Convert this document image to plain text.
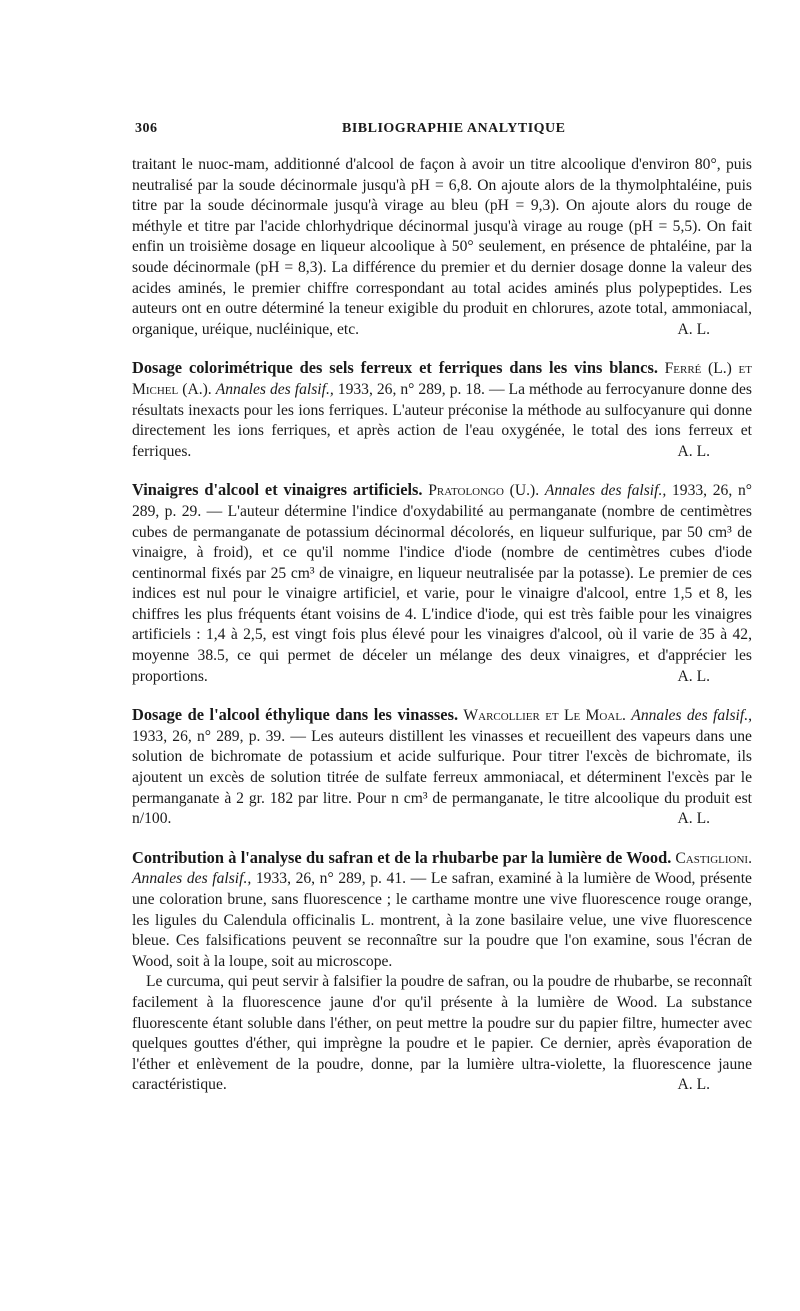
306	BIBLIOGRAPHIE ANALYTIQUE

traitant le nuoc-mam, additionné d'alcool de façon à avoir un titre alcoolique d'environ 80°, puis neutralisé par la soude décinormale jusqu'à pH = 6,8. On ajoute alors de la thymolphtaléine, puis titre par la soude décinormale jusqu'à virage au bleu (pH = 9,3). On ajoute alors du rouge de méthyle et titre par l'acide chlorhydrique décinormal jusqu'à virage au rouge (pH = 5,5). On fait enfin un troisième dosage en liqueur alcoolique à 50° seulement, en présence de phtaléine, par la soude décinormale (pH = 8,3). La différence du premier et du dernier dosage donne la valeur des acides aminés, le premier chiffre correspondant au total acides aminés plus polypeptides. Les auteurs ont en outre déterminé la teneur exigible du produit en chlorures, azote total, ammoniacal, organique, uréique, nucléinique, etc.	A. L.

Dosage colorimétrique des sels ferreux et ferriques dans les vins blancs. Ferré (L.) et Michel (A.). Annales des falsif., 1933, 26, n° 289, p. 18. — La méthode au ferrocyanure donne des résultats inexacts pour les ions ferriques. L'auteur préconise la méthode au sulfocyanure qui donne directement les ions ferriques, et après action de l'eau oxygénée, le total des ions ferreux et ferriques.	A. L.

Vinaigres d'alcool et vinaigres artificiels. Pratolongo (U.). Annales des falsif., 1933, 26, n° 289, p. 29. — L'auteur détermine l'indice d'oxydabilité au permanganate (nombre de centimètres cubes de permanganate de potassium décinormal décolorés, en liqueur sulfurique, par 50 cm³ de vinaigre, à froid), et ce qu'il nomme l'indice d'iode (nombre de centimètres cubes d'iode centinormal fixés par 25 cm³ de vinaigre, en liqueur neutralisée par la potasse). Le premier de ces indices est nul pour le vinaigre artificiel, et varie, pour le vinaigre d'alcool, entre 1,5 et 8, les chiffres les plus fréquents étant voisins de 4. L'indice d'iode, qui est très faible pour les vinaigres artificiels : 1,4 à 2,5, est vingt fois plus élevé pour les vinaigres d'alcool, où il varie de 35 à 42, moyenne 38.5, ce qui permet de déceler un mélange des deux vinaigres, et d'apprécier les proportions.	A. L.

Dosage de l'alcool éthylique dans les vinasses. Warcollier et Le Moal. Annales des falsif., 1933, 26, n° 289, p. 39. — Les auteurs distillent les vinasses et recueillent des vapeurs dans une solution de bichromate de potassium et acide sulfurique. Pour titrer l'excès de bichromate, ils ajoutent un excès de solution titrée de sulfate ferreux ammoniacal, et déterminent l'excès par le permanganate à 2 gr. 182 par litre. Pour n cm³ de permanganate, le titre alcoolique du produit est n/100.	A. L.

Contribution à l'analyse du safran et de la rhubarbe par la lumière de Wood. Castiglioni. Annales des falsif., 1933, 26, n° 289, p. 41. — Le safran, examiné à la lumière de Wood, présente une coloration brune, sans fluorescence ; le carthame montre une vive fluorescence rouge orange, les ligules du Calendula officinalis L. montrent, à la zone basilaire velue, une vive fluorescence bleue. Ces falsifications peuvent se reconnaître sur la poudre que l'on examine, sous l'écran de Wood, soit à la loupe, soit au microscope.

Le curcuma, qui peut servir à falsifier la poudre de safran, ou la poudre de rhubarbe, se reconnaît facilement à la fluorescence jaune d'or qu'il présente à la lumière de Wood. La substance fluorescente étant soluble dans l'éther, on peut mettre la poudre sur du papier filtre, humecter avec quelques gouttes d'éther, qui imprègne la poudre et le papier. Ce dernier, après évaporation de l'éther et enlèvement de la poudre, donne, par la lumière ultra-violette, la fluorescence jaune caractéristique.	A. L.
